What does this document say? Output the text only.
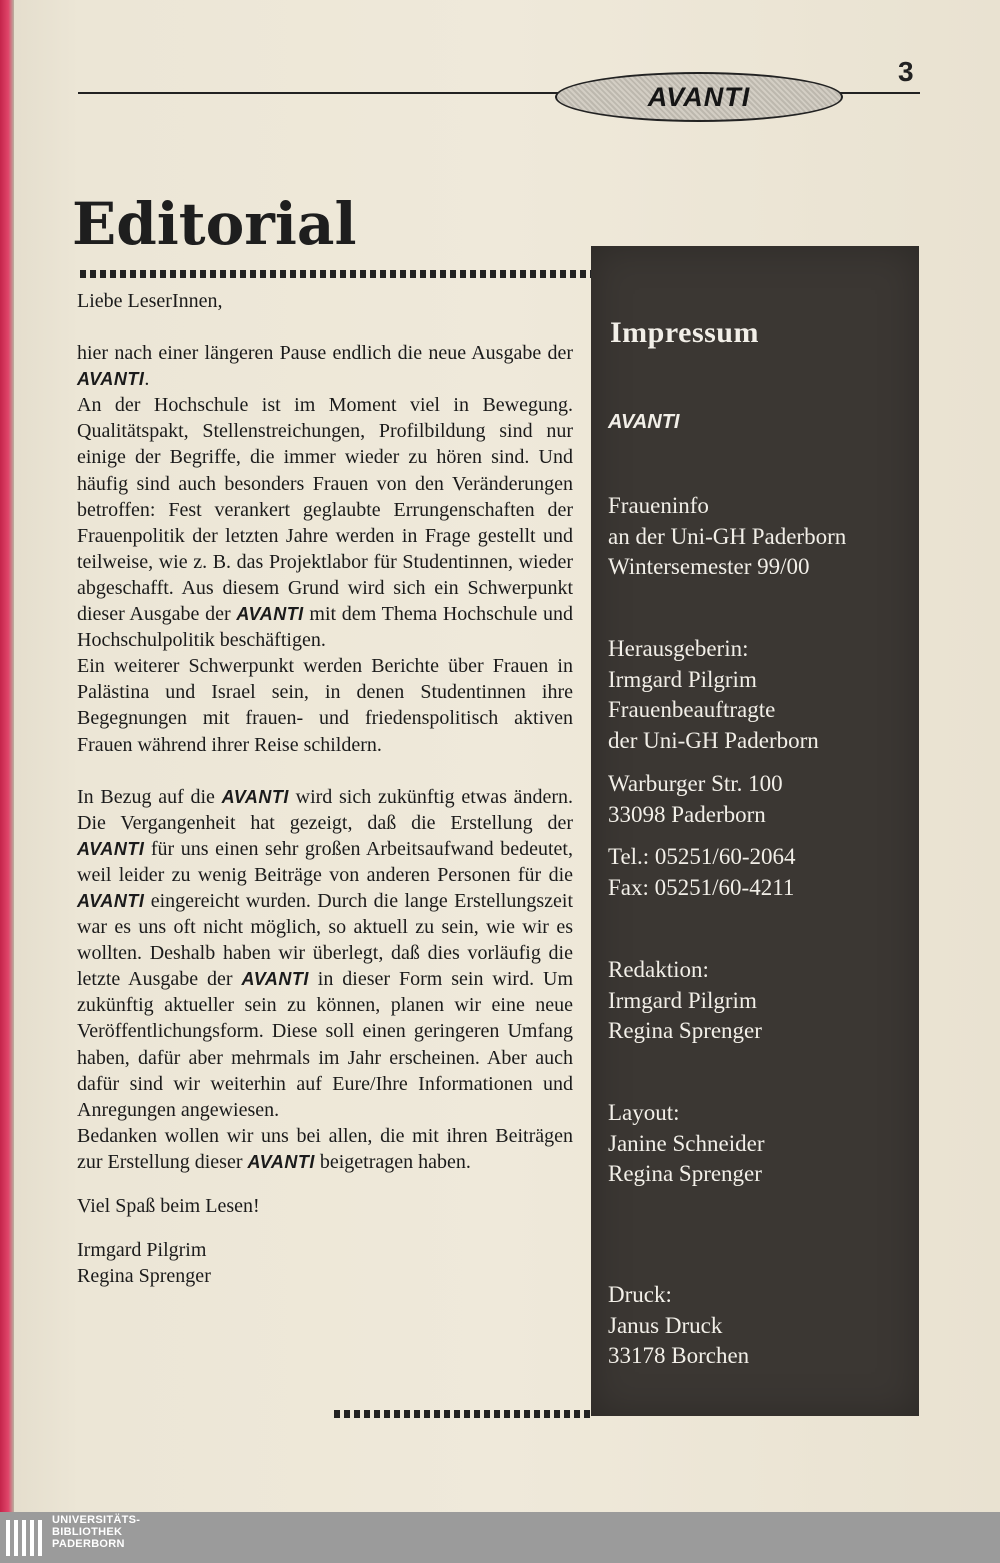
AVANTI
3
Editorial

Liebe LeserInnen,

hier nach einer längeren Pause endlich die neue Ausgabe der AVANTI.

An der Hochschule ist im Moment viel in Bewegung. Qualitätspakt, Stellenstreichungen, Profilbildung sind nur einige der Begriffe, die immer wieder zu hören sind. Und häufig sind auch besonders Frauen von den Veränderungen betroffen: Fest verankert geglaubte Errungenschaften der Frauenpolitik der letzten Jahre werden in Frage gestellt und teilweise, wie z. B. das Projektlabor für Studentinnen, wieder abgeschafft. Aus diesem Grund wird sich ein Schwerpunkt dieser Ausgabe der AVANTI mit dem Thema Hochschule und Hochschulpolitik beschäftigen.

Ein weiterer Schwerpunkt werden Berichte über Frauen in Palästina und Israel sein, in denen Studentinnen ihre Begegnungen mit frauen- und friedenspolitisch aktiven Frauen während ihrer Reise schildern.

In Bezug auf die AVANTI wird sich zukünftig etwas ändern. Die Vergangenheit hat gezeigt, daß die Erstellung der AVANTI für uns einen sehr großen Arbeitsaufwand bedeutet, weil leider zu wenig Beiträge von anderen Personen für die AVANTI eingereicht wurden. Durch die lange Erstellungszeit war es uns oft nicht möglich, so aktuell zu sein, wie wir es wollten. Deshalb haben wir überlegt, daß dies vorläufig die letzte Ausgabe der AVANTI in dieser Form sein wird. Um zukünftig aktueller sein zu können, planen wir eine neue Veröffentlichungsform. Diese soll einen geringeren Umfang haben, dafür aber mehrmals im Jahr erscheinen. Aber auch dafür sind wir weiterhin auf Eure/Ihre Informationen und Anregungen angewiesen.

Bedanken wollen wir uns bei allen, die mit ihren Beiträgen zur Erstellung dieser AVANTI beigetragen haben.

Viel Spaß beim Lesen!

Irmgard Pilgrim

Regina Sprenger

Impressum
AVANTI
Fraueninfo
an der Uni-GH Paderborn
Wintersemester 99/00
Herausgeberin:
Irmgard Pilgrim
Frauenbeauftragte
der Uni-GH Paderborn
Warburger Str. 100
33098 Paderborn
Tel.: 05251/60-2064
Fax: 05251/60-4211
Redaktion:
Irmgard Pilgrim
Regina Sprenger
Layout:
Janine Schneider
Regina Sprenger
Druck:
Janus Druck
33178 Borchen
UNIVERSITÄTS-
BIBLIOTHEK
PADERBORN
